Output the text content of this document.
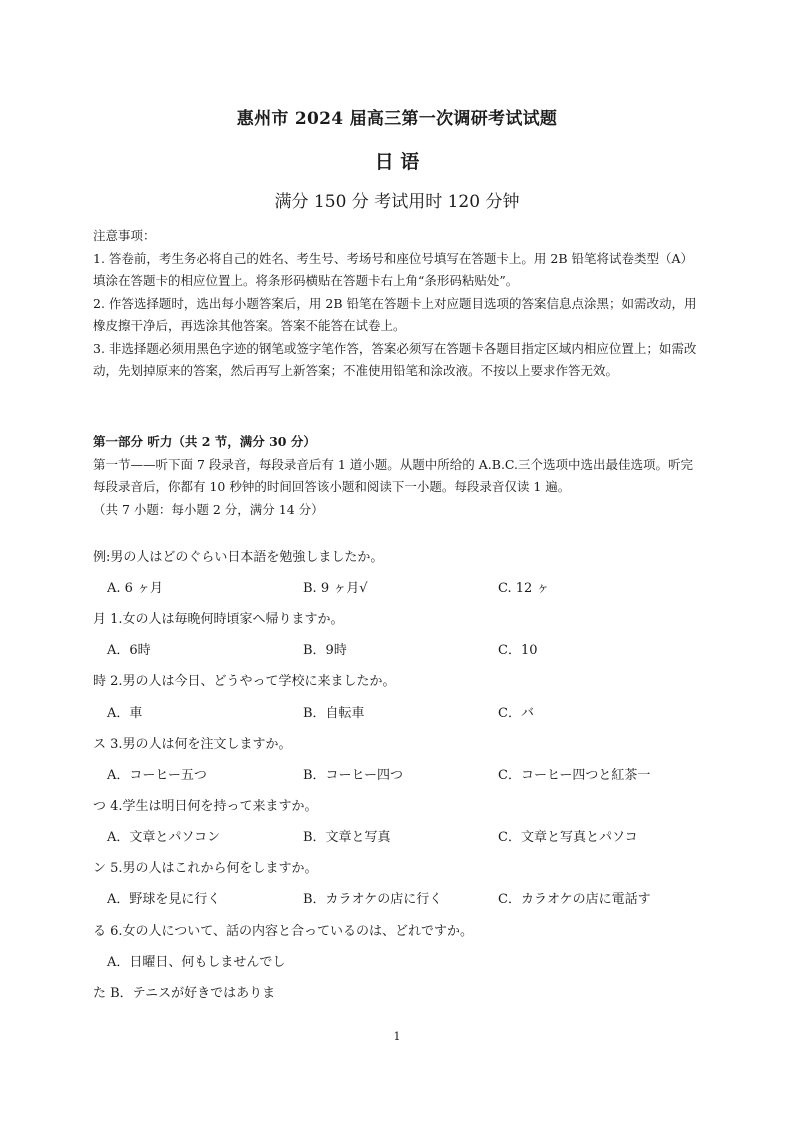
惠州市 2024 届高三第一次调研考试试题
日 语
满分 150 分 考试用时 120 分钟

注意事项：

1. 答卷前，考生务必将自己的姓名、考生号、考场号和座位号填写在答题卡上。用 2B 铅笔将试卷类型（A）填涂在答题卡的相应位置上。将条形码横贴在答题卡右上角“条形码粘贴处”。

2. 作答选择题时，选出每小题答案后，用 2B 铅笔在答题卡上对应题目选项的答案信息点涂黑；如需改动，用橡皮擦干净后，再选涂其他答案。答案不能答在试卷上。

3. 非选择题必须用黑色字迹的钢笔或签字笔作答，答案必须写在答题卡各题目指定区域内相应位置上；如需改动，先划掉原来的答案，然后再写上新答案；不准使用铅笔和涂改液。不按以上要求作答无效。

第一部分 听力（共 2 节，满分 30 分）

第一节——听下面 7 段录音，每段录音后有 1 道小题。从题中所给的 A.B.C.三个选项中选出最佳选项。听完每段录音后，你都有 10 秒钟的时间回答该小题和阅读下一小题。每段录音仅读 1 遍。

（共 7 小题：每小题 2 分，满分 14 分）

例:男の人はどのぐらい日本語を勉強しましたか。
A. 6 ヶ月	B. 9 ヶ月√	C. 12 ヶ
月 1.女の人は毎晩何時頃家へ帰りますか。
A．6時	B．9時	C．10
時 2.男の人は今日、どうやって学校に来ましたか。
A．車	B．自転車	C．バ
ス 3.男の人は何を注文しますか。
A．コーヒー五つ	B．コーヒー四つ	C．コーヒー四つと紅茶一
つ 4.学生は明日何を持って来ますか。
A．文章とパソコン	B．文章と写真	C．文章と写真とパソコ
ン 5.男の人はこれから何をしますか。
A．野球を見に行く	B．カラオケの店に行く	C．カラオケの店に電話す
る 6.女の人について、話の内容と合っているのは、どれですか。
A．日曜日、何もしませんでし
た B．テニスが好きではありま
1
